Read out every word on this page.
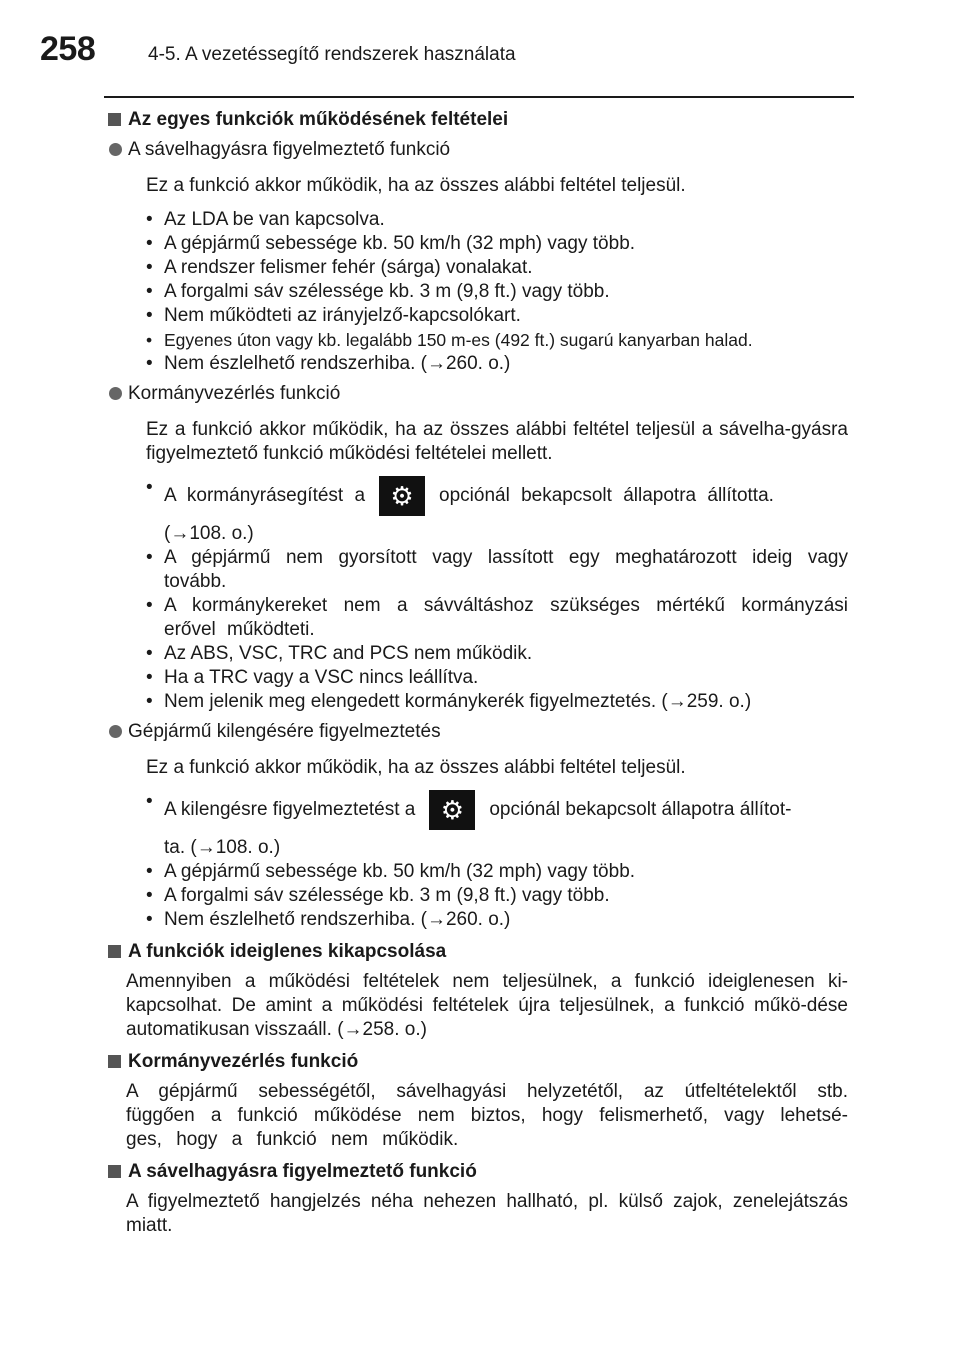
258	4-5. A vezetéssegítő rendszerek használata
Az egyes funkciók működésének feltételei
A sávelhagyásra figyelmeztető funkció
Ez a funkció akkor működik, ha az összes alábbi feltétel teljesül.
• Az LDA be van kapcsolva.
• A gépjármű sebessége kb. 50 km/h (32 mph) vagy több.
• A rendszer felismer fehér (sárga) vonalakat.
• A forgalmi sáv szélessége kb. 3 m (9,8 ft.) vagy több.
• Nem működteti az irányjelző-kapcsolókart.
• Egyenes úton vagy kb. legalább 150 m-es (492 ft.) sugarú kanyarban halad.
• Nem észlelhető rendszerhiba. (→260. o.)
Kormányvezérlés funkció
Ez a funkció akkor működik, ha az összes alábbi feltétel teljesül a sávelha-gyásra figyelmeztető funkció működési feltételei mellett.
• A kormányrásegítést a ⚙	opciónál bekapcsolt állapotra állította.
(→108. o.)
• A gépjármű nem gyorsított vagy lassított egy meghatározott ideig vagy tovább.
• A kormánykereket nem a sávváltáshoz szükséges mértékű kormányzási erővel működteti.
• Az ABS, VSC, TRC and PCS nem működik.
• Ha a TRC vagy a VSC nincs leállítva.
• Nem jelenik meg elengedett kormánykerék figyelmeztetés. (→259. o.)
Gépjármű kilengésére figyelmeztetés
Ez a funkció akkor működik, ha az összes alábbi feltétel teljesül.
• A kilengésre figyelmeztetést a ⚙	opciónál bekapcsolt állapotra állítot-
ta. (→108. o.)
• A gépjármű sebessége kb. 50 km/h (32 mph) vagy több.
• A forgalmi sáv szélessége kb. 3 m (9,8 ft.) vagy több.
• Nem észlelhető rendszerhiba. (→260. o.)
A funkciók ideiglenes kikapcsolása
Amennyiben a működési feltételek nem teljesülnek, a funkció ideiglenesen ki-kapcsolhat. De amint a működési feltételek újra teljesülnek, a funkció műkö-dése automatikusan visszaáll. (→258. o.)
Kormányvezérlés funkció
A gépjármű sebességétől, sávelhagyási helyzetétől, az útfeltételektől stb. függően a funkció működése nem biztos, hogy felismerhető, vagy lehetsé-ges, hogy a funkció nem működik.
A sávelhagyásra figyelmeztető funkció
A figyelmeztető hangjelzés néha nehezen hallható, pl. külső zajok, zenelejátszás miatt.
